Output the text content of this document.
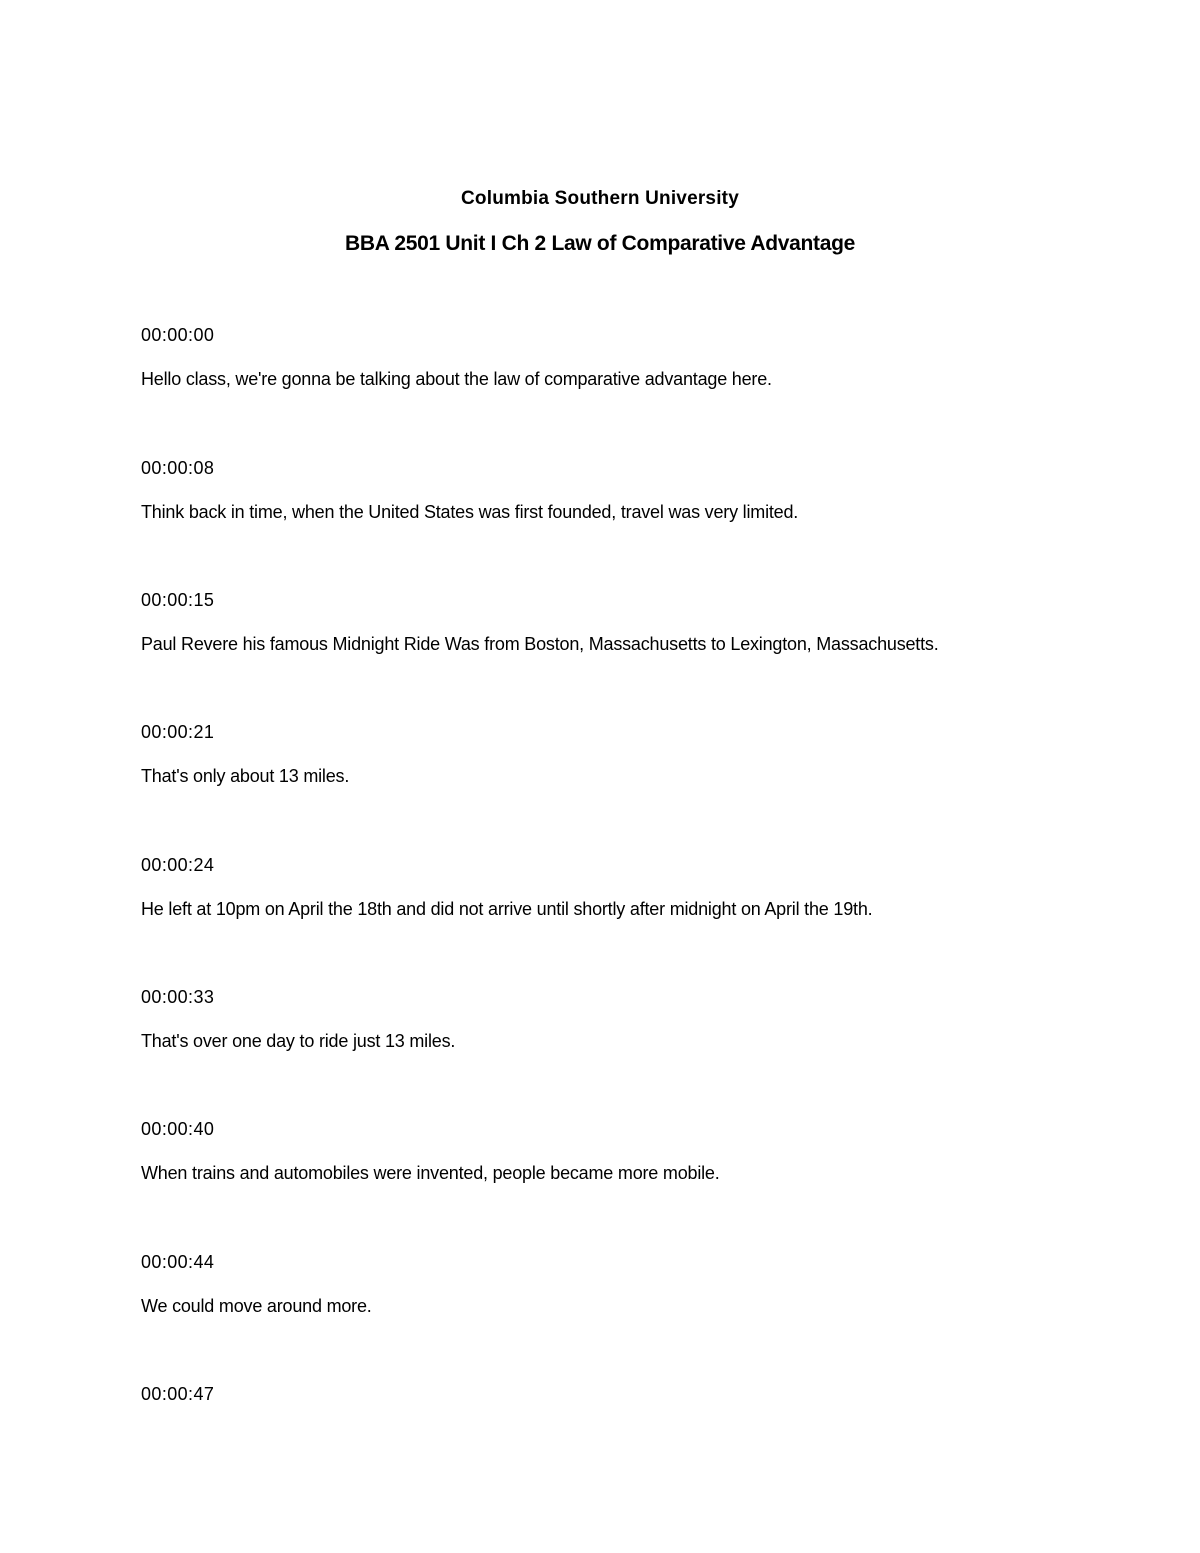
Columbia Southern University
BBA 2501 Unit I Ch 2 Law of Comparative Advantage

00:00:00

Hello class, we're gonna be talking about the law of comparative advantage here.

00:00:08

Think back in time, when the United States was first founded, travel was very limited.

00:00:15

Paul Revere his famous Midnight Ride Was from Boston, Massachusetts to Lexington, Massachusetts.

00:00:21

That's only about 13 miles.

00:00:24

He left at 10pm on April the 18th and did not arrive until shortly after midnight on April the 19th.

00:00:33

That's over one day to ride just 13 miles.

00:00:40

When trains and automobiles were invented, people became more mobile.

00:00:44

We could move around more.

00:00:47
